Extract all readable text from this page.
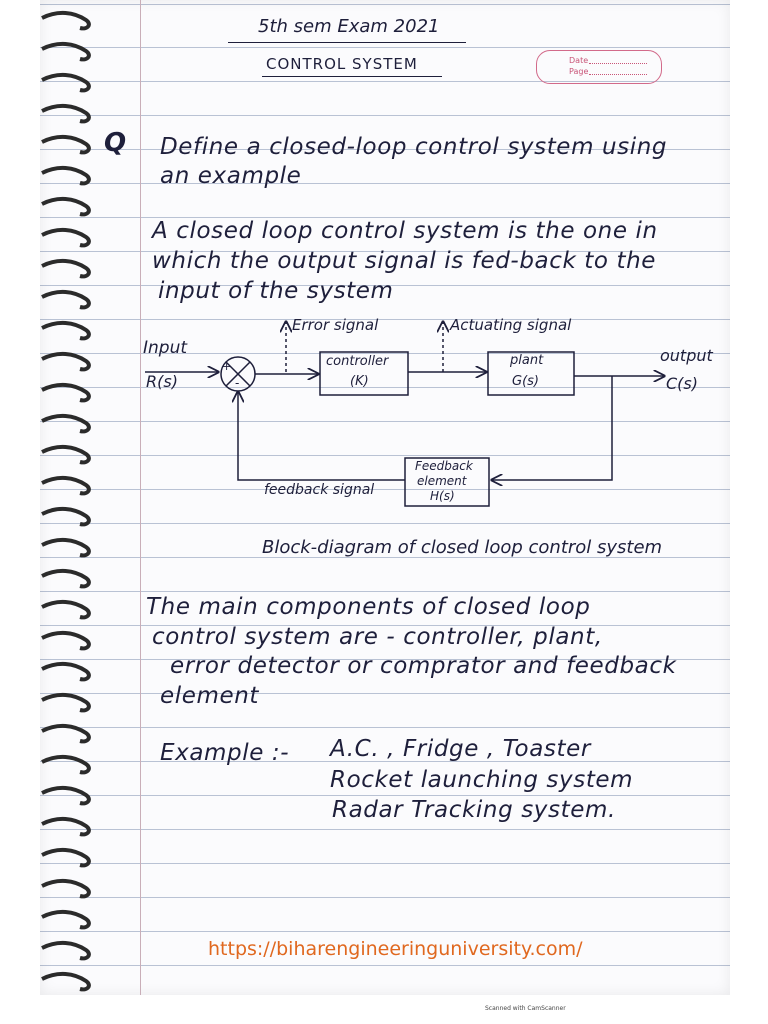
5th sem Exam 2021
CONTROL SYSTEM	Date
Page
Q Define a closed-loop control system using
an example
A closed loop control system is the one in
which the output signal is fed-back to the
input of the system
Error signal	Actuating signal
Input
R(s)
+
-
controller
(K)
plant
G(s)
output
C(s)
Feedback
element
H(s)
feedback signal
Block-diagram of closed loop control system
The main components of closed loop
control system are - controller, plant,
error detector or comprator and feedback
element
Example :- A.C. , Fridge , Toaster
Rocket launching system
Radar Tracking system.
https://biharengineeringuniversity.com/
Scanned with CamScanner
